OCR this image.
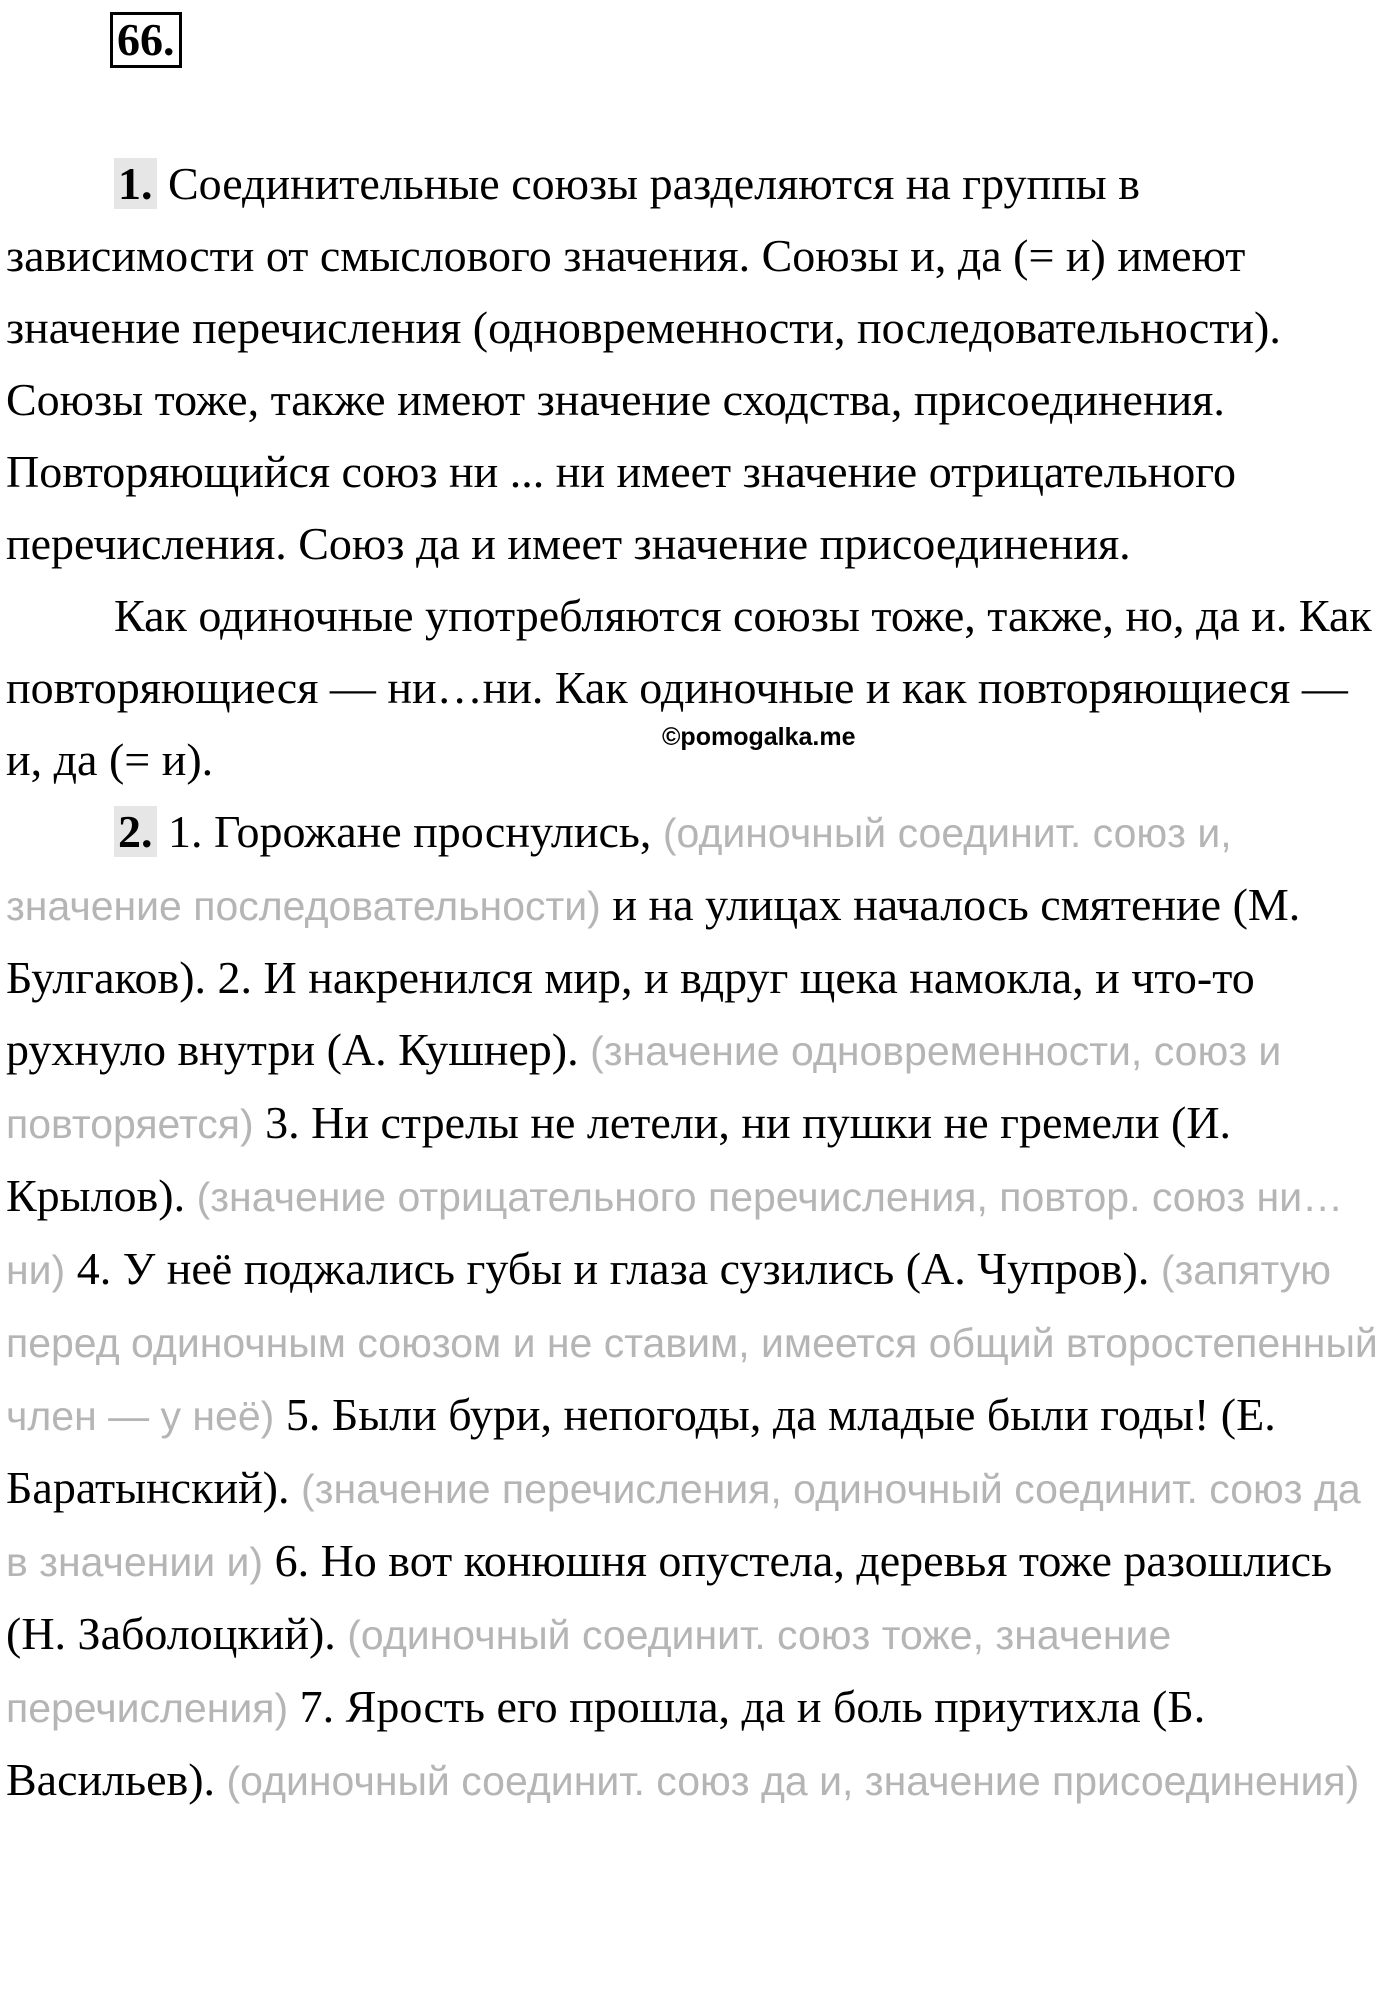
66.

1. Соединительные союзы разделяются на группы в зависимости от смыслового значения. Союзы и, да (= и) имеют значение перечисления (одновременности, последовательности). Союзы тоже, также имеют значение сходства, присоединения. Повторяющийся союз ни ... ни имеет значение отрицательного перечисления. Союз да и имеет значение присоединения.

Как одиночные употребляются союзы тоже, также, но, да и. Как повторяющиеся — ни…ни. Как одиночные и как повторяющиеся — и, да (= и).

2. 1. Горожане проснулись, (одиночный соединит. союз и, значение последовательности) и на улицах началось смятение (М. Булгаков). 2. И накренился мир, и вдруг щека намокла, и что-то рухнуло внутри (А. Кушнер). (значение одновременности, союз и повторяется) 3. Ни стрелы не летели, ни пушки не гремели (И. Крылов). (значение отрицательного перечисления, повтор. союз ни…ни) 4. У неё поджались губы и глаза сузились (А. Чупров). (запятую перед одиночным союзом и не ставим, имеется общий второстепенный член — у неё) 5. Были бури, непогоды, да младые были годы! (Е. Баратынский). (значение перечисления, одиночный соединит. союз да в значении и) 6. Но вот конюшня опустела, деревья тоже разошлись (Н. Заболоцкий). (одиночный соединит. союз тоже, значение перечисления) 7. Ярость его прошла, да и боль приутихла (Б. Васильев). (одиночный соединит. союз да и, значение присоединения)

©pomogalka.me
